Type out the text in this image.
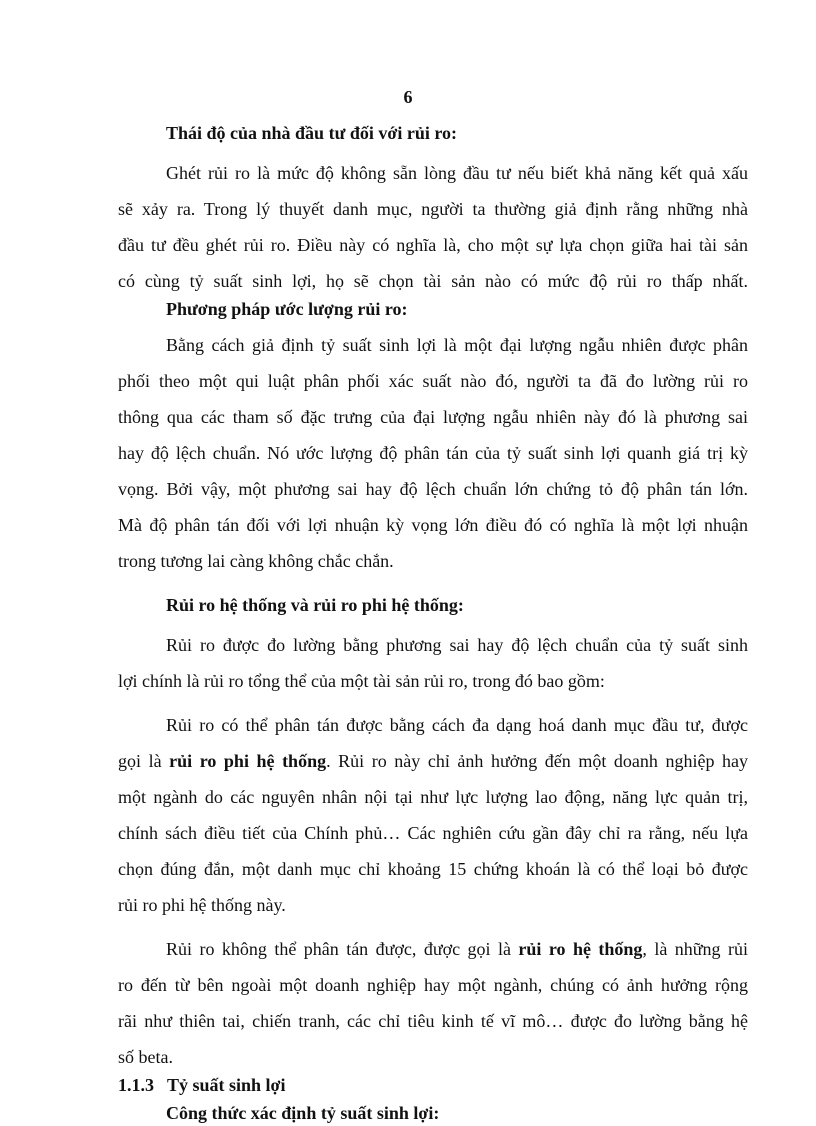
6
Thái độ của nhà đầu tư đối với rủi ro:
Ghét rủi ro là mức độ không sẵn lòng đầu tư nếu biết khả năng kết quả xấu
sẽ xảy ra. Trong lý thuyết danh mục, người ta thường giả định rằng những nhà
đầu tư đều ghét rủi ro. Điều này có nghĩa là, cho một sự lựa chọn giữa hai tài sản
có cùng tỷ suất sinh lợi, họ sẽ chọn tài sản nào có mức độ rủi ro thấp nhất.
Phương pháp ước lượng rủi ro:
Bằng cách giả định tỷ suất sinh lợi là một đại lượng ngẫu nhiên được phân
phối theo một qui luật phân phối xác suất nào đó, người ta đã đo lường rủi ro
thông qua các tham số đặc trưng của đại lượng ngẫu nhiên này đó là phương sai
hay độ lệch chuẩn. Nó ước lượng độ phân tán của tỷ suất sinh lợi quanh giá trị kỳ
vọng. Bởi vậy, một phương sai hay độ lệch chuẩn lớn chứng tỏ độ phân tán lớn.
Mà độ phân tán đối với lợi nhuận kỳ vọng lớn điều đó có nghĩa là một lợi nhuận
trong tương lai càng không chắc chắn.
Rủi ro hệ thống và rủi ro phi hệ thống:
Rủi ro được đo lường bằng phương sai hay độ lệch chuẩn của tỷ suất sinh
lợi chính là rủi ro tổng thể của một tài sản rủi ro, trong đó bao gồm:
Rủi ro có thể phân tán được bằng cách đa dạng hoá danh mục đầu tư, được
gọi là rủi ro phi hệ thống. Rủi ro này chỉ ảnh hưởng đến một doanh nghiệp hay
một ngành do các nguyên nhân nội tại như lực lượng lao động, năng lực quản trị,
chính sách điều tiết của Chính phủ… Các nghiên cứu gần đây chỉ ra rằng, nếu lựa
chọn đúng đắn, một danh mục chỉ khoảng 15 chứng khoán là có thể loại bỏ được
rủi ro phi hệ thống này.
Rủi ro không thể phân tán được, được gọi là rủi ro hệ thống, là những rủi
ro đến từ bên ngoài một doanh nghiệp hay một ngành, chúng có ảnh hưởng rộng
rãi như thiên tai, chiến tranh, các chỉ tiêu kinh tế vĩ mô… được đo lường bằng hệ
số beta.
1.1.3 Tỷ suất sinh lợi
Công thức xác định tỷ suất sinh lợi:
